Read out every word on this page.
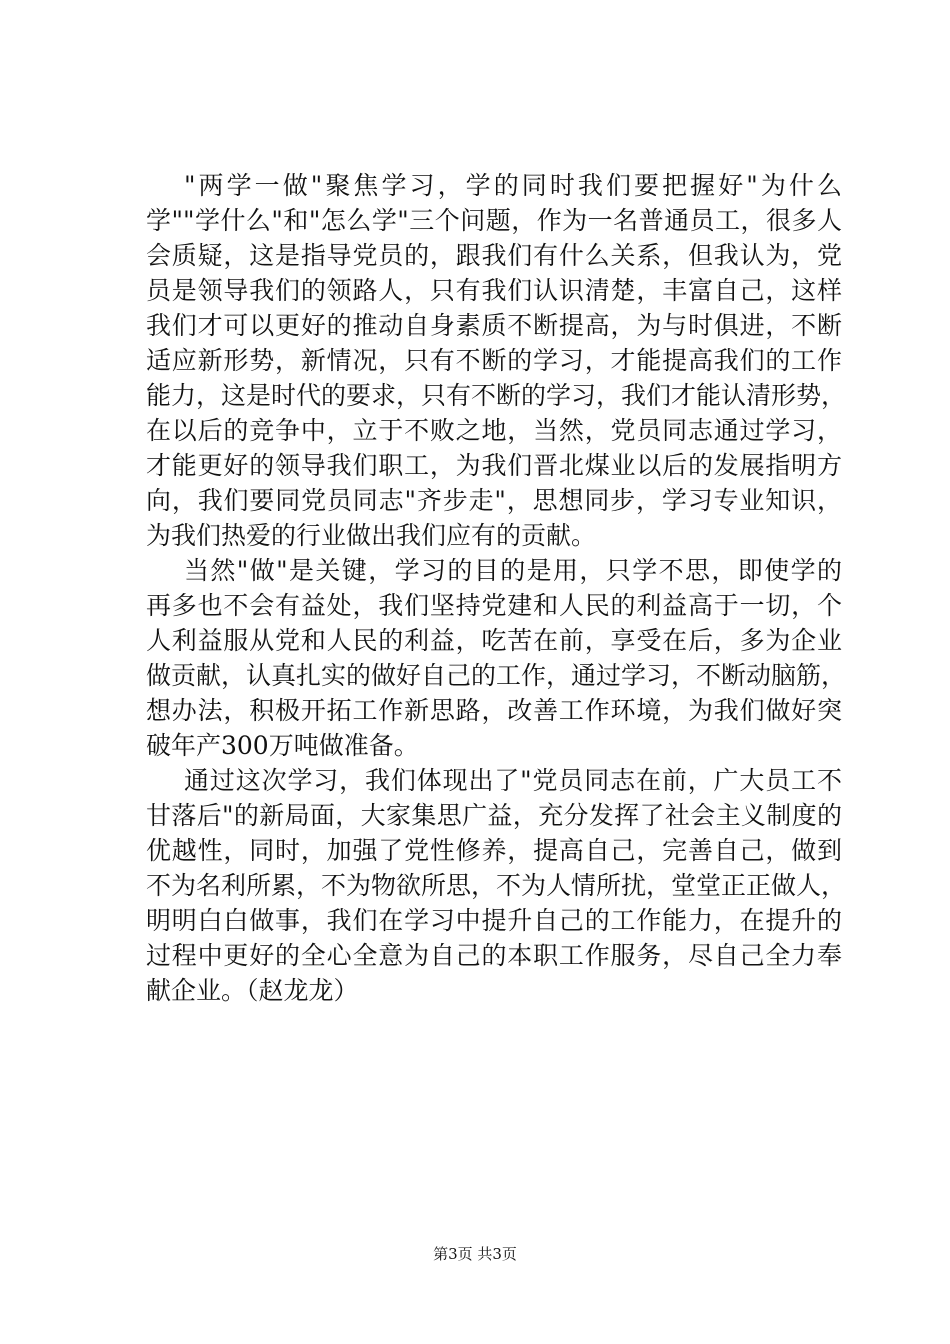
"两学一做"聚焦学习，学的同时我们要把握好"为什么
学""学什么"和"怎么学"三个问题，作为一名普通员工，很多人
会质疑，这是指导党员的，跟我们有什么关系，但我认为，党
员是领导我们的领路人，只有我们认识清楚，丰富自己，这样
我们才可以更好的推动自身素质不断提高，为与时俱进，不断
适应新形势，新情况，只有不断的学习，才能提高我们的工作
能力，这是时代的要求，只有不断的学习，我们才能认清形势，
在以后的竞争中，立于不败之地，当然，党员同志通过学习，
才能更好的领导我们职工，为我们晋北煤业以后的发展指明方
向，我们要同党员同志"齐步走"，思想同步，学习专业知识，
为我们热爱的行业做出我们应有的贡献。
当然"做"是关键，学习的目的是用，只学不思，即使学的
再多也不会有益处，我们坚持党建和人民的利益高于一切，个
人利益服从党和人民的利益，吃苦在前，享受在后，多为企业
做贡献，认真扎实的做好自己的工作，通过学习，不断动脑筋，
想办法，积极开拓工作新思路，改善工作环境，为我们做好突
破年产300万吨做准备。
通过这次学习，我们体现出了"党员同志在前，广大员工不
甘落后"的新局面，大家集思广益，充分发挥了社会主义制度的
优越性，同时，加强了党性修养，提高自己，完善自己，做到
不为名利所累，不为物欲所思，不为人情所扰，堂堂正正做人，
明明白白做事，我们在学习中提升自己的工作能力，在提升的
过程中更好的全心全意为自己的本职工作服务，尽自己全力奉
献企业。（赵龙龙）
第3页 共3页
